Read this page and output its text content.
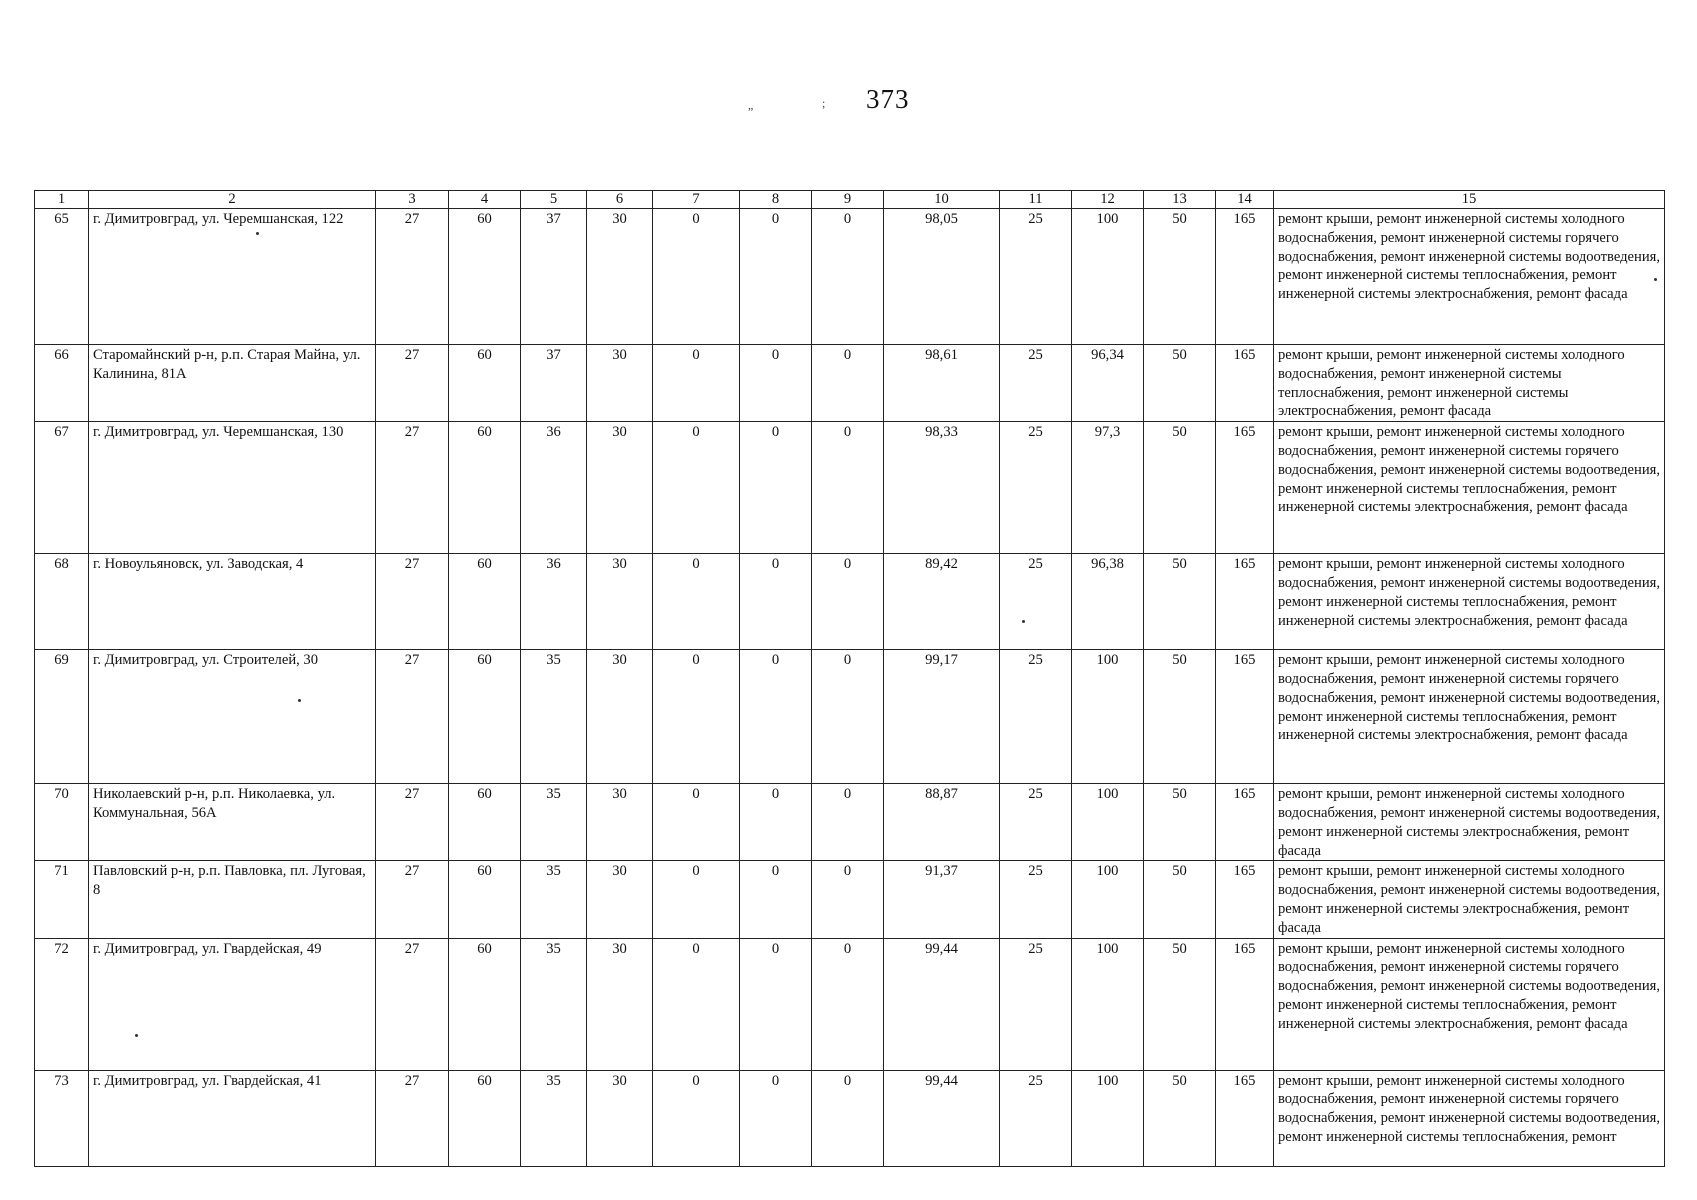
„	; 373
1	2	3	4	5	6	7	8	9	10	11	12	13	14	15
65	г. Димитровград, ул. Черемшанская, 122	27	60	37	30	0	0	0	98,05	25	100	50	165	ремонт крыши, ремонт инженерной системы холодного водоснабжения, ремонт инженерной системы горячего водоснабжения, ремонт инженерной системы водоотведения, ремонт инженерной системы теплоснабжения, ремонт инженерной системы электроснабжения, ремонт фасада
66	Старомайнский р-н, р.п. Старая Майна, ул. Калинина, 81А	27	60	37	30	0	0	0	98,61	25	96,34	50	165	ремонт крыши, ремонт инженерной системы холодного водоснабжения, ремонт инженерной системы теплоснабжения, ремонт инженерной системы электроснабжения, ремонт фасада
67	г. Димитровград, ул. Черемшанская, 130	27	60	36	30	0	0	0	98,33	25	97,3	50	165	ремонт крыши, ремонт инженерной системы холодного водоснабжения, ремонт инженерной системы горячего водоснабжения, ремонт инженерной системы водоотведения, ремонт инженерной системы теплоснабжения, ремонт инженерной системы электроснабжения, ремонт фасада
68	г. Новоульяновск, ул. Заводская, 4	27	60	36	30	0	0	0	89,42	25	96,38	50	165	ремонт крыши, ремонт инженерной системы холодного водоснабжения, ремонт инженерной системы водоотведения, ремонт инженерной системы теплоснабжения, ремонт инженерной системы электроснабжения, ремонт фасада
69	г. Димитровград, ул. Строителей, 30	27	60	35	30	0	0	0	99,17	25	100	50	165	ремонт крыши, ремонт инженерной системы холодного водоснабжения, ремонт инженерной системы горячего водоснабжения, ремонт инженерной системы водоотведения, ремонт инженерной системы теплоснабжения, ремонт инженерной системы электроснабжения, ремонт фасада
70	Николаевский р-н, р.п. Николаевка, ул. Коммунальная, 56А	27	60	35	30	0	0	0	88,87	25	100	50	165	ремонт крыши, ремонт инженерной системы холодного водоснабжения, ремонт инженерной системы водоотведения, ремонт инженерной системы электроснабжения, ремонт фасада
71	Павловский р-н, р.п. Павловка, пл. Луговая, 8	27	60	35	30	0	0	0	91,37	25	100	50	165	ремонт крыши, ремонт инженерной системы холодного водоснабжения, ремонт инженерной системы водоотведения, ремонт инженерной системы электроснабжения, ремонт фасада
72	г. Димитровград, ул. Гвардейская, 49	27	60	35	30	0	0	0	99,44	25	100	50	165	ремонт крыши, ремонт инженерной системы холодного водоснабжения, ремонт инженерной системы горячего водоснабжения, ремонт инженерной системы водоотведения, ремонт инженерной системы теплоснабжения, ремонт инженерной системы электроснабжения, ремонт фасада
73	г. Димитровград, ул. Гвардейская, 41	27	60	35	30	0	0	0	99,44	25	100	50	165	ремонт крыши, ремонт инженерной системы холодного водоснабжения, ремонт инженерной системы горячего водоснабжения, ремонт инженерной системы водоотведения, ремонт инженерной системы теплоснабжения, ремонт
